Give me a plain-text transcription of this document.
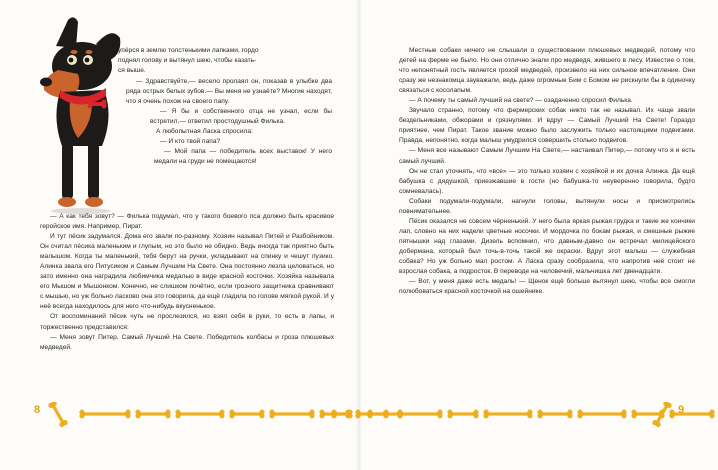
упёрся в землю толстенькими лапками, гордо

поднял голову и вытянул шею, чтобы казать-

ся выше.

— Здравствуйте,— весело пролаял он, показав в улыбке два ряда острых белых зубов.— Вы меня не узнаёте? Многие находят, что я очень похож на своего папу.

— Я бы и собственного отца не узнал, если бы встретил,— ответил простодушный Филька.

А любопытная Ласка спросила:

— И кто твой папа?

— Мой папа — победитель всех выставок! У него медали на груди не помещаются!

— А как тебя зовут? — Филька подумал, что у такого боевого пса должно быть красивое геройское имя. Например, Пират.

И тут пёсик задумался. Дома его звали по-разному. Хозяин называл Питей и Разбойником. Он считал пёсика маленьким и глупым, но это было не обидно. Ведь иногда так приятно быть малышом. Когда ты маленький, тебя берут на ручки, укладывают на спинку и чешут пузико. Алинка звала его Питусиком и Самым Лучшим На Свете. Она постоянно лезла целоваться, но зато именно она наградила любимчика медалью в виде красной косточки. Хозяйка называла его Мышом и Мышонком. Конечно, не слишком почётно, если грозного защитника сравнивают с мышью, но уж больно ласково она это говорила, да ещё гладила по голове мягкой рукой. И у неё всегда находилось для него что-нибудь вкусненькое.

От воспоминаний пёсик чуть не прослезился, но взял себя в руки, то есть в лапы, и торжественно представился:

— Меня зовут Питер. Самый Лучший На Свете. Победитель колбасы и гроза плюшевых медведей.

Местные собаки ничего не слышали о существовании плюшевых медведей, потому что детей на ферме не было. Но они отлично знали про медведя, жившего в лесу. Известие о том, что непонятный гость является грозой медведей, произвело на них сильное впечатление. Они сразу же незнакомца зауважали, ведь даже огромные Бим с Бомом не рискнули бы в одиночку связаться с косолапым.

— А почему ты самый лучший на свете? — озадаченно спросил Филька.

Звучало странно, потому что фермерских собак никто так не называл. Их чаще звали бездельниками, обжорами и грязнулями. И вдруг — Самый Лучший На Свете! Гораздо приятнее, чем Пират. Такое звание можно было заслужить только настоящими подвигами. Правда, непонятно, когда малыш умудрился совершить столько подвигов.

— Меня все называют Самым Лучшим На Свете,— настаивал Питер,— потому что я и есть самый лучший.

Он не стал уточнять, что «все» — это только хозяин с хозяйкой и их дочка Алинка. Да ещё бабушка с дядушкой, приезжавшие в гости (но бабушка-то неуверенно говорила, будто сомневалась).

Собаки подумали-подумали, нагнули головы, вытянули носы и присмотрелись повнимательнее.

Пёсик оказался не совсем чёрненький. У него была яркая рыжая грудка и такие же кончики лап, словно на них надели цветные носочки. И мордочка по бокам рыжая, и смешные рыжие пятнышки над глазами. Дизель вспомнил, что давным-давно он встречал милицейского добермана, который был точь-в-точь такой же окраски. Вдруг этот малыш — служебная собака? Но уж больно мал ростом. А Ласка сразу сообразила, что напротив неё стоит не взрослая собака, а подросток. В переводе на человечий, мальчишка лет двенадцати.

— Вот, у меня даже есть медаль! — Щенок ещё больше вытянул шею, чтобы все смогли полюбоваться красной косточкой на ошейнике.

8	9
